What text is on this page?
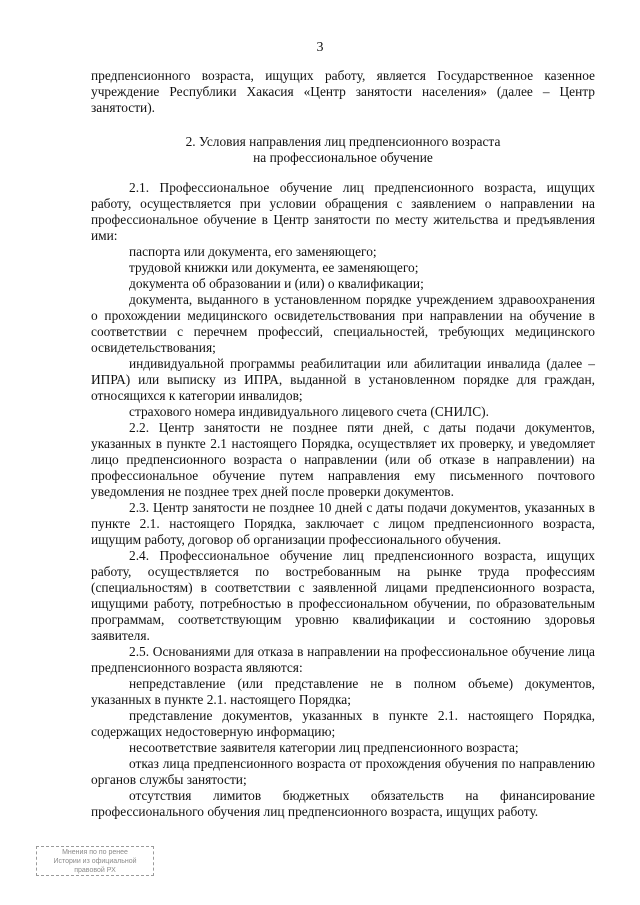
3

предпенсионного возраста, ищущих работу, является Государственное казенное учреждение Республики Хакасия «Центр занятости населения» (далее – Центр занятости).

2. Условия направления лиц предпенсионного возраста
на профессиональное обучение

2.1. Профессиональное обучение лиц предпенсионного возраста, ищущих работу, осуществляется при условии обращения с заявлением о направлении на профессиональное обучение в Центр занятости по месту жительства и предъявления ими:

паспорта или документа, его заменяющего;

трудовой книжки или документа, ее заменяющего;

документа об образовании и (или) о квалификации;

документа, выданного в установленном порядке учреждением здравоохранения о прохождении медицинского освидетельствования при направлении на обучение в соответствии с перечнем профессий, специальностей, требующих медицинского освидетельствования;

индивидуальной программы реабилитации или абилитации инвалида (далее – ИПРА) или выписку из ИПРА, выданной в установленном порядке для граждан, относящихся к категории инвалидов;

страхового номера индивидуального лицевого счета (СНИЛС).

2.2. Центр занятости не позднее пяти дней, с даты подачи документов, указанных в пункте 2.1 настоящего Порядка, осуществляет их проверку, и уведомляет лицо предпенсионного возраста о направлении (или об отказе в направлении) на профессиональное обучение путем направления ему письменного почтового уведомления не позднее трех дней после проверки документов.

2.3. Центр занятости не позднее 10 дней с даты подачи документов, указанных в пункте 2.1. настоящего Порядка, заключает с лицом предпенсионного возраста, ищущим работу, договор об организации профессионального обучения.

2.4. Профессиональное обучение лиц предпенсионного возраста, ищущих работу, осуществляется по востребованным на рынке труда профессиям (специальностям) в соответствии с заявленной лицами предпенсионного возраста, ищущими работу, потребностью в профессиональном обучении, по образовательным программам, соответствующим уровню квалификации и состоянию здоровья заявителя.

2.5. Основаниями для отказа в направлении на профессиональное обучение лица предпенсионного возраста являются:

непредставление (или представление не в полном объеме) документов, указанных в пункте 2.1. настоящего Порядка;

представление документов, указанных в пункте 2.1. настоящего Порядка, содержащих недостоверную информацию;

несоответствие заявителя категории лиц предпенсионного возраста;

отказ лица предпенсионного возраста от прохождения обучения по направлению органов службы занятости;

отсутствия лимитов бюджетных обязательств на финансирование профессионального обучения лиц предпенсионного возраста, ищущих работу.

Мнения по по ренее
Истории из официальной
правовой РХ
